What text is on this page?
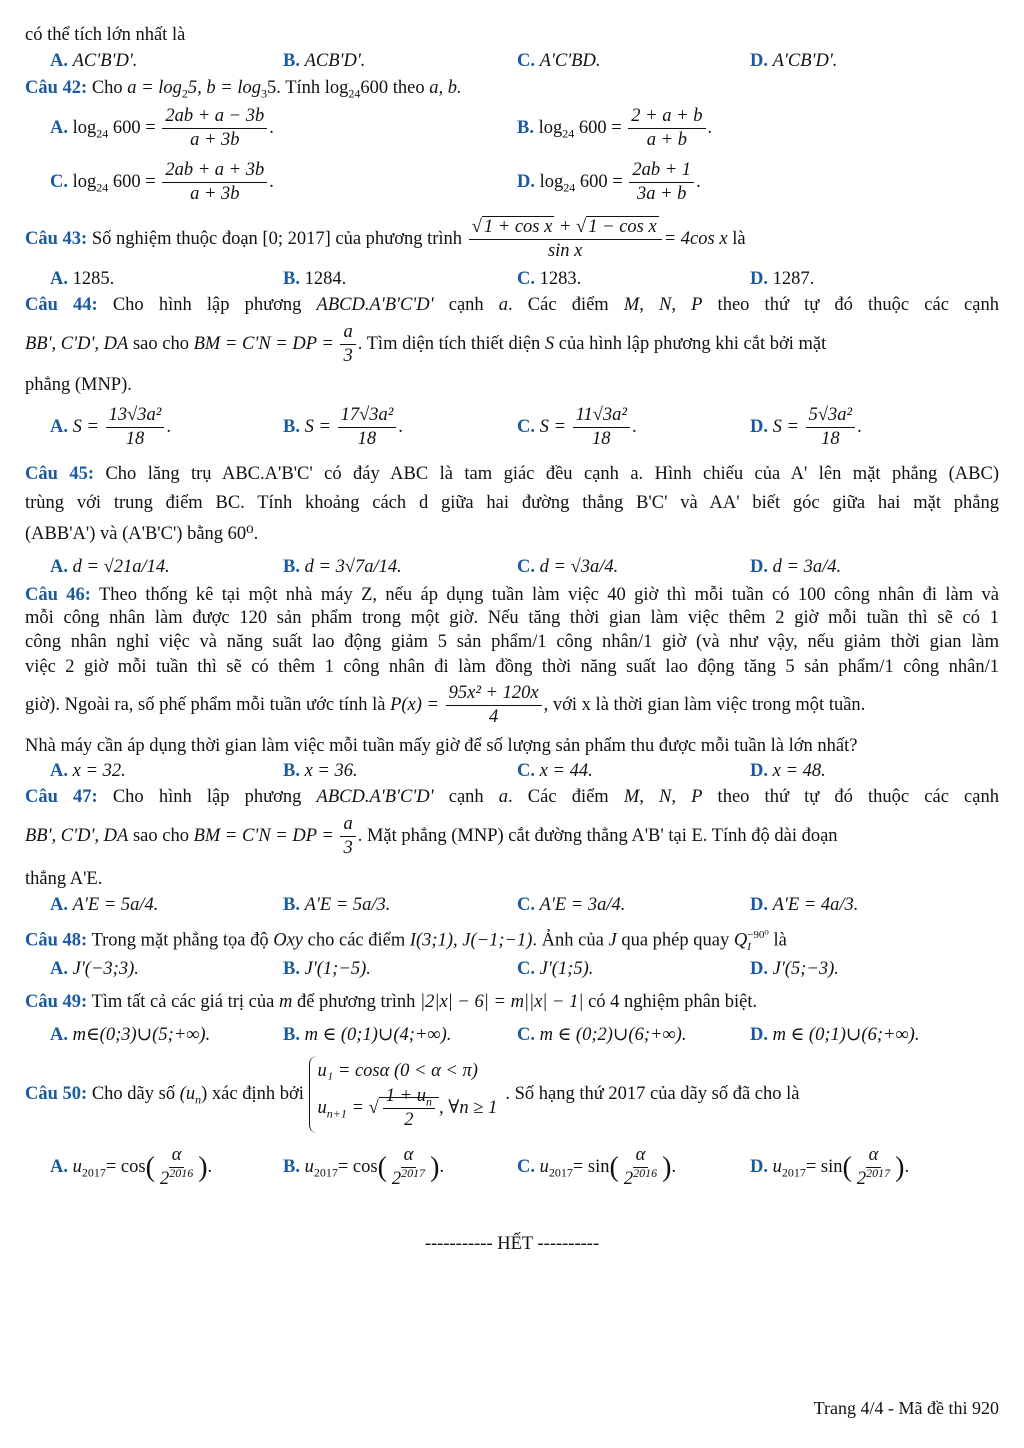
có thể tích lớn nhất là
A. AC'B'D'.	B. ACB'D'.	C. A'C'BD.	D. A'CB'D'.
Câu 42: Cho $a = \log_25$, $b = \log_35$. Tính $\log_{24}600$ theo a, b.
A. $\log_{24} 600 = \frac{2ab + a - 3b}{a + 3b}$ .	B. $\log_{24} 600 = \frac{2 + a + b}{a + b}$ .
C. $\log_{24} 600 = \frac{2ab + a + 3b}{a + 3b}$ .	D. $\log_{24} 600 = \frac{2ab + 1}{3a + b}$ .
Câu 43: Số nghiệm thuộc đoạn [0; 2017] của phương trình $\frac{\text{√ 1 + cos x + √ 1 − cos x}}{\text{sin x}} = 4\cos$ x là
A. 1285.	B. 1284.	C. 1283.	D. 1287.
Câu 44: Cho hình lập phương ABCD.A'B'C'D' cạnh a. Các điểm M, N, P theo thứ tự đó thuộc các cạnh
BB', C'D', DA sao cho BM = C'N = DP = $\frac{a}{3}$ . Tìm diện tích thiết diện S của hình lập phương khi cắt bởi mặt
phẳng (MNP).
A. $S = \frac{\text{13√3a²}}{18}$ .	B. $S = \frac{\text{17√3a²}}{18}$ .	C. $S = \frac{\text{11√3a²}}{18}$ .	D. $S = \frac{\text{5√3a²}}{18}$ .
Câu 45: Cho lăng trụ ABC.A'B'C' có đáy ABC là tam giác đều cạnh a. Hình chiếu của A' lên mặt phẳng (ABC)
trùng với trung điểm BC. Tính khoảng cách d giữa hai đường thẳng B'C' và AA' biết góc giữa hai mặt phẳng
(ABB'A') và (A'B'C') bằng 60⁰.
A. d = √21a/14.	B. d = 3√7a/14.	C. d = √3a/4.	D. d = 3a/4.
Câu 46: Theo thống kê tại một nhà máy Z, nếu áp dụng tuần làm việc 40 giờ thì mỗi tuần có 100 công nhân đi làm và
mỗi công nhân làm được 120 sản phẩm trong một giờ. Nếu tăng thời gian làm việc thêm 2 giờ mỗi tuần thì sẽ có 1
công nhân nghỉ việc và năng suất lao động giảm 5 sản phẩm/1 công nhân/1 giờ (và như vậy, nếu giảm thời gian làm
việc 2 giờ mỗi tuần thì sẽ có thêm 1 công nhân đi làm đồng thời năng suất lao động tăng 5 sản phẩm/1 công nhân/1
giờ). Ngoài ra, số phế phẩm mỗi tuần ước tính là $P(x) = \frac{\text{95x² + 120x}}{4}$ , với x là thời gian làm việc trong một tuần.
Nhà máy cần áp dụng thời gian làm việc mỗi tuần mấy giờ để số lượng sản phẩm thu được mỗi tuần là lớn nhất?
A. x = 32.	B. x = 36.	C. x = 44.	D. x = 48.
Câu 47: Cho hình lập phương ABCD.A'B'C'D' cạnh a. Các điểm M, N, P theo thứ tự đó thuộc các cạnh
BB', C'D', DA sao cho BM = C'N = DP = $\frac{a}{3}$ . Mặt phẳng (MNP) cắt đường thẳng A'B' tại E. Tính độ dài đoạn
thẳng A'E.
A. A'E = 5a/4.	B. A'E = 5a/3.	C. A'E = 3a/4.	D. A'E = 4a/3.
Câu 48: Trong mặt phẳng tọa độ Oxy cho các điểm I(3;1), J(−1;−1). Ảnh của J qua phép quay Q −90⁰
I là
A. J'(−3;3).	B. J'(1;−5).	C. J'(1;5).	D. J'(5;−3).
Câu 49: Tìm tất cả các giá trị của m để phương trình |2|x| − 6| = m||x| − 1| có 4 nghiệm phân biệt.
A. m∈(0;3)∪(5;+∞).	B. m ∈ (0;1)∪(4;+∞).	C. m ∈ (0;2)∪(6;+∞).	D. m ∈ (0;1)∪(6;+∞).
Câu 50: Cho dãy số $(u_n)$ xác định bởi u₁ = cosα (0 < α < π)
$u_{n+1}$ = √ $\frac{1 + u_n}{2}$ , ∀n ≥ 1. Số hạng thứ 2017 của dãy số đã cho là
A. $u_{2017}= \cos( \frac{\alpha}{2^{2016}}$ ).	B. $u_{2017}= \cos( \frac{\alpha}{2^{2017}}$ ).	C. $u_{2017}= \sin( \frac{\alpha}{2^{2016}}$ ).	D. $u_{2017}= \sin( \frac{\alpha}{2^{2017}}$ ).
----------- HẾT ----------
Trang 4/4 - Mã đề thi 920
